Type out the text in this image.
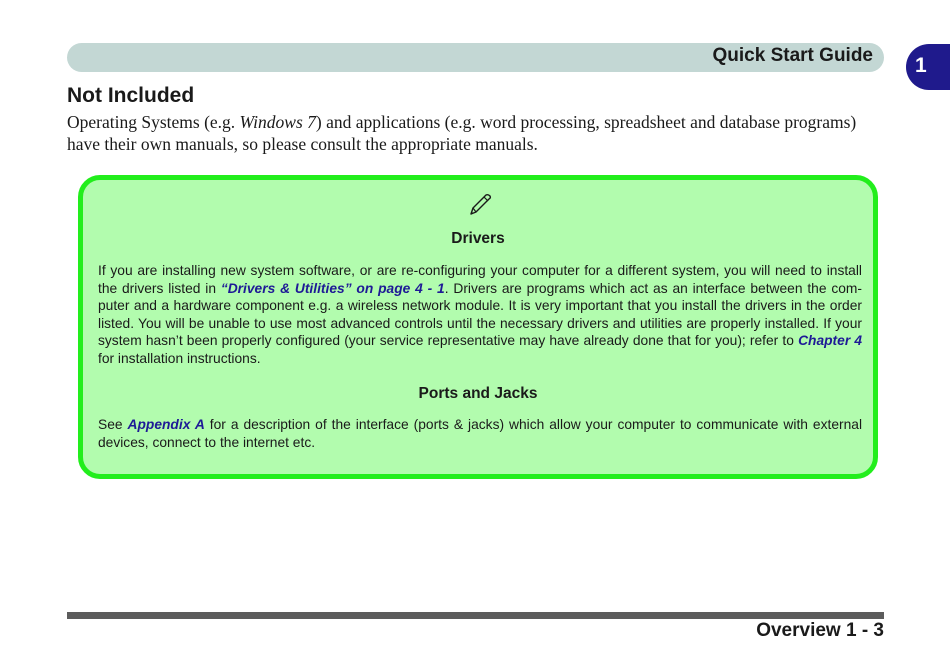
Quick Start Guide 1
Not Included
Operating Systems (e.g. Windows 7) and applications (e.g. word processing, spreadsheet and database programs) have their own manuals, so please consult the appropriate manuals.
Drivers
If you are installing new system software, or are re-configuring your computer for a different system, you will need to install the drivers listed in “Drivers & Utilities” on page 4 - 1. Drivers are programs which act as an interface between the com-puter and a hardware component e.g. a wireless network module. It is very important that you install the drivers in the order listed. You will be unable to use most advanced controls until the necessary drivers and utilities are properly installed. If your system hasn’t been properly configured (your service representative may have already done that for you); refer to Chapter 4 for installation instructions.
Ports and Jacks
See Appendix A for a description of the interface (ports & jacks) which allow your computer to communicate with external devices, connect to the internet etc.
Overview 1 - 3
